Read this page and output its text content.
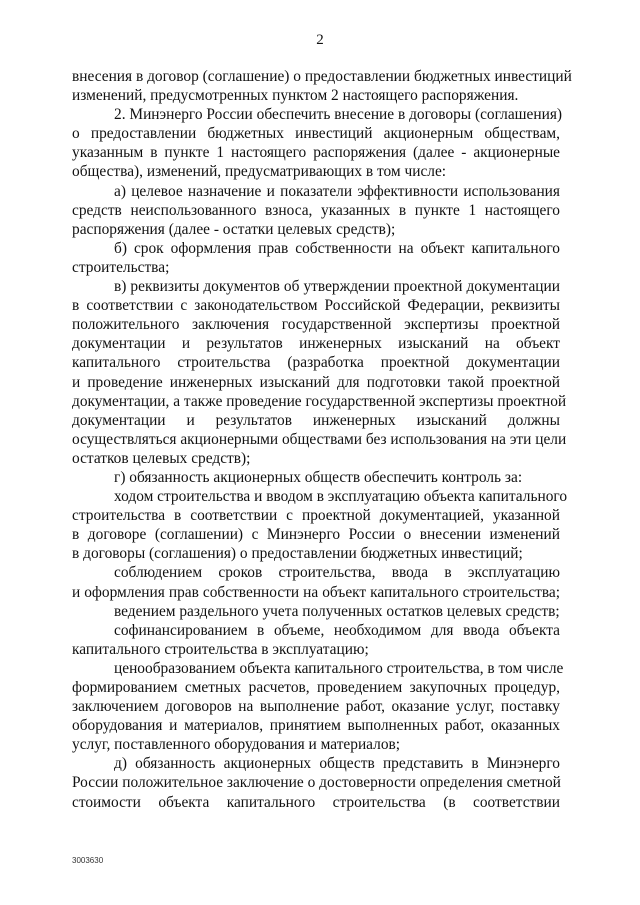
2
внесения в договор (соглашение) о предоставлении бюджетных инвестиций
изменений, предусмотренных пунктом 2 настоящего распоряжения.
2. Минэнерго России обеспечить внесение в договоры (соглашения)
о предоставлении бюджетных инвестиций акционерным обществам,
указанным в пункте 1 настоящего распоряжения (далее - акционерные
общества), изменений, предусматривающих в том числе:
а) целевое назначение и показатели эффективности использования
средств неиспользованного взноса, указанных в пункте 1 настоящего
распоряжения (далее - остатки целевых средств);
б) срок оформления прав собственности на объект капитального
строительства;
в) реквизиты документов об утверждении проектной документации
в соответствии с законодательством Российской Федерации, реквизиты
положительного заключения государственной экспертизы проектной
документации и результатов инженерных изысканий на объект
капитального строительства (разработка проектной документации
и проведение инженерных изысканий для подготовки такой проектной
документации, а также проведение государственной экспертизы проектной
документации и результатов инженерных изысканий должны
осуществляться акционерными обществами без использования на эти цели
остатков целевых средств);
г) обязанность акционерных обществ обеспечить контроль за:
ходом строительства и вводом в эксплуатацию объекта капитального
строительства в соответствии с проектной документацией, указанной
в договоре (соглашении) с Минэнерго России о внесении изменений
в договоры (соглашения) о предоставлении бюджетных инвестиций;
соблюдением сроков строительства, ввода в эксплуатацию
и оформления прав собственности на объект капитального строительства;
ведением раздельного учета полученных остатков целевых средств;
софинансированием в объеме, необходимом для ввода объекта
капитального строительства в эксплуатацию;
ценообразованием объекта капитального строительства, в том числе
формированием сметных расчетов, проведением закупочных процедур,
заключением договоров на выполнение работ, оказание услуг, поставку
оборудования и материалов, принятием выполненных работ, оказанных
услуг, поставленного оборудования и материалов;
д) обязанность акционерных обществ представить в Минэнерго
России положительное заключение о достоверности определения сметной
стоимости объекта капитального строительства (в соответствии
3003630
